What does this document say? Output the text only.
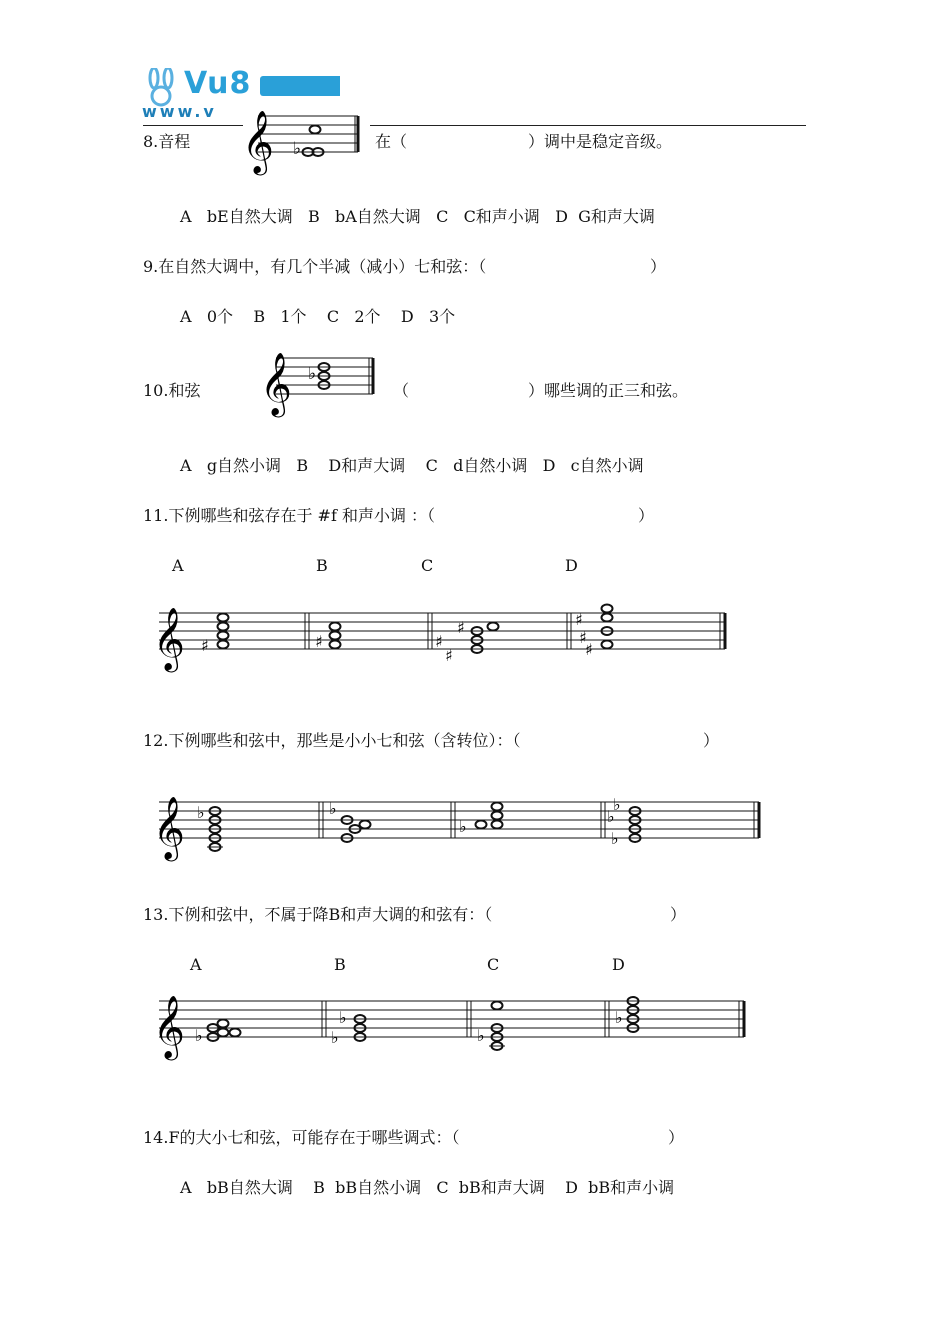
Vu8
www.v
8.音程 𝄞 ♭	在（	）调中是稳定音级。
A   bE自然大调   B   bA自然大调   C   C和声小调   D  G和声大调
9.在自然大调中，有几个半减（减小）七和弦：（	）
A   0个    B   1个    C   2个    D   3个
10.和弦 𝄞 ♭
（	）哪些调的正三和弦。
A   g自然小调   B    D和声大调    C   d自然小调   D   c自然小调
11.下例哪些和弦存在于 #f 和声小调 ：（	）
A	B	C	D
𝄞 ♯	♯	♯
♯
♯	♯
♯
♯
12.下例哪些和弦中，那些是小小七和弦（含转位）：（	）
𝄞 ♭	♭
♭
♭
♭
♭
13.下例和弦中，不属于降B和声大调的和弦有：（	）
A	B	C	D
𝄞 ♭
♭
♭	♭
♭
14.F的大小七和弦，可能存在于哪些调式：（	）
A   bB自然大调    B  bB自然小调   C  bB和声大调    D  bB和声小调
